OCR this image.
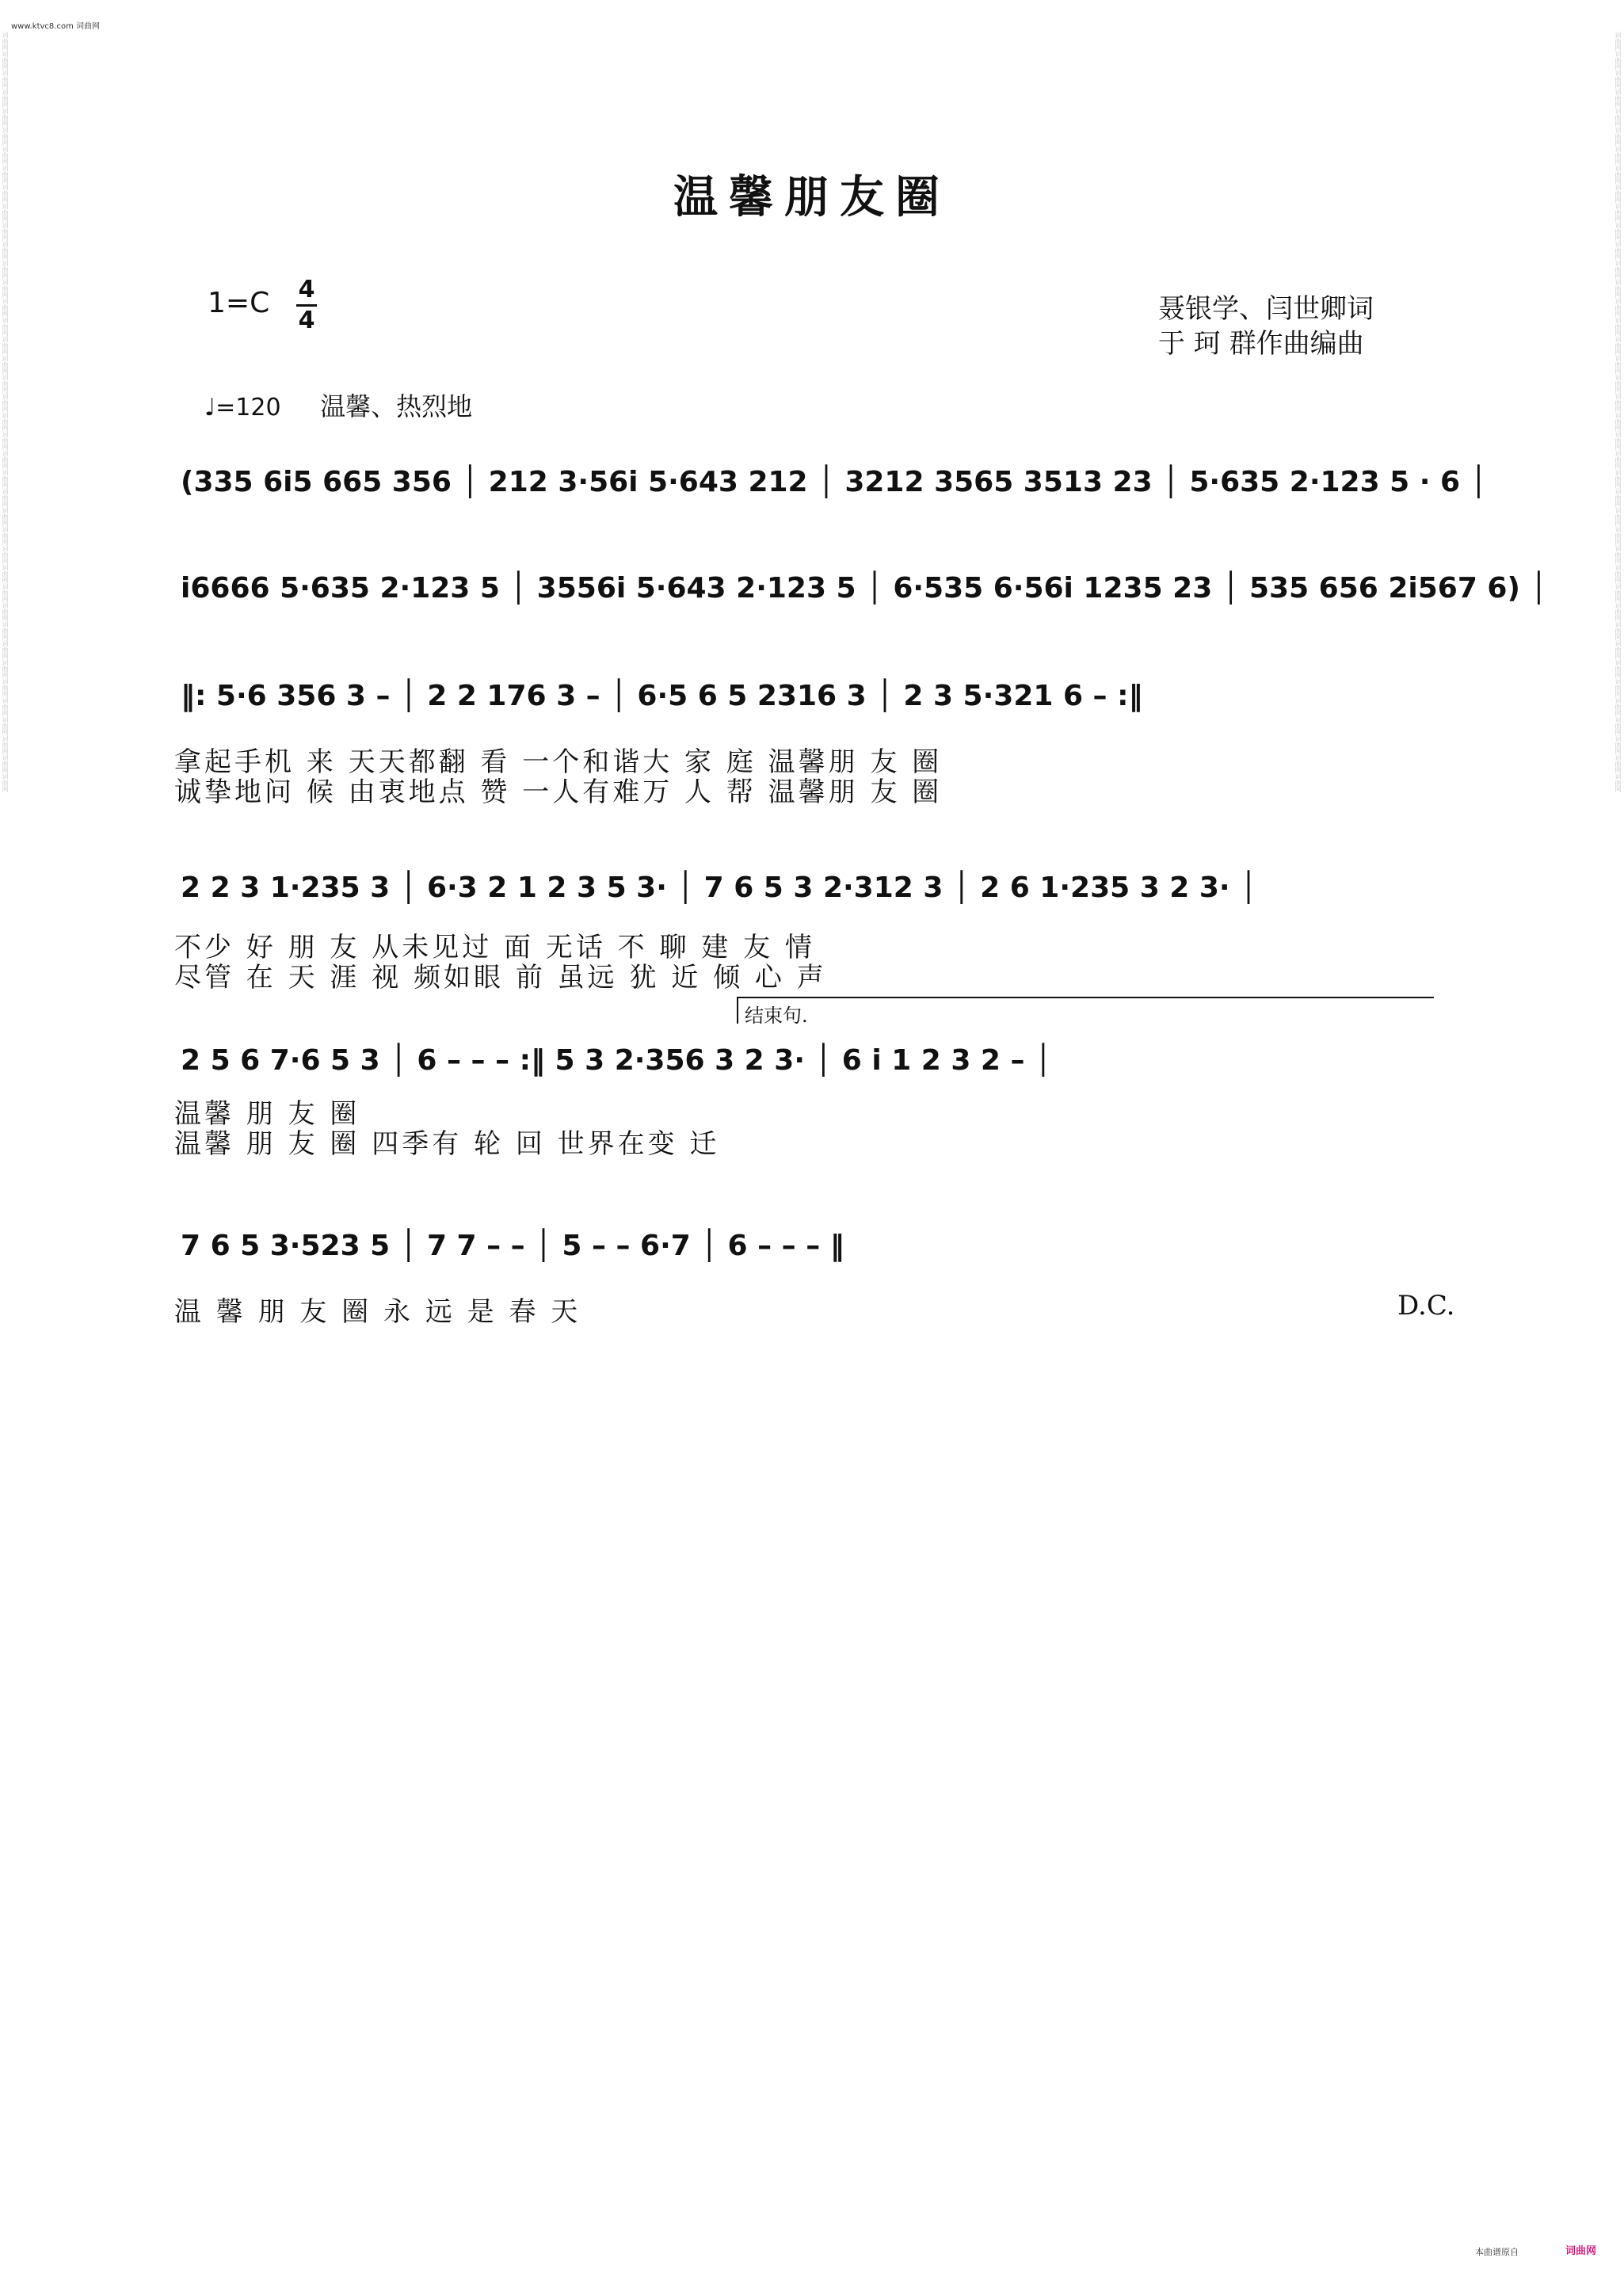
词曲网词曲网词曲网词曲网词曲网词曲网词曲网词曲网词曲网词曲网词曲网词曲网词曲网词曲网词曲网词曲网词曲网词曲网词曲网词曲网词曲网词曲网词曲网词曲网词曲网词曲网词曲网词曲网词曲网词曲网词曲网词曲网词曲网词曲网词曲网词曲网词曲网词曲网词曲网词曲网	词曲网词曲网词曲网词曲网词曲网词曲网词曲网词曲网词曲网词曲网词曲网词曲网词曲网词曲网词曲网词曲网词曲网词曲网词曲网词曲网词曲网词曲网词曲网词曲网词曲网词曲网词曲网词曲网词曲网词曲网词曲网词曲网词曲网词曲网词曲网词曲网词曲网词曲网词曲网词曲网
www.ktvc8.com 词曲网
温馨朋友圈
1=C 4
4	聂银学、闫世卿词
于 珂 群作曲编曲
♩=120 温馨、热烈地
(335 6i5 665 356 │ 212 3·56i 5·643 212 │ 3212 3565 3513 23 │ 5·635 2·123 5 · 6 │
i6666 5·635 2·123 5 │ 3556i 5·643 2·123 5 │ 6·535 6·56i 1235 23 │ 535 656 2i567 6) │
‖: 5·6 356 3 – │ 2 2 176 3 – │ 6·5 6 5 2316 3 │ 2 3 5·321 6 – :‖
拿起手机 来 天天都翻 看 一个和谐大 家 庭 温馨朋 友 圈
诚挚地问 候 由衷地点 赞 一人有难万 人 帮 温馨朋 友 圈
2 2 3 1·235 3 │ 6·3 2 1 2 3 5 3· │ 7 6 5 3 2·312 3 │ 2 6 1·235 3 2 3· │
不少 好 朋 友 从未见过 面 无话 不 聊 建 友 情
尽管 在 天 涯 视 频如眼 前 虽远 犹 近 倾 心 声
结束句.
2 5 6 7·6 5 3 │ 6 – – – :‖ 5 3 2·356 3 2 3· │ 6 i 1 2 3 2 – │
温馨 朋 友 圈
温馨 朋 友 圈 四季有 轮 回 世界在变 迁
7 6 5 3·523 5 │ 7 7 – – │ 5 – – 6·7 │ 6 – – – ‖
温 馨 朋 友 圈 永 远 是 春 天	D.C.
本曲谱原自	词曲网
